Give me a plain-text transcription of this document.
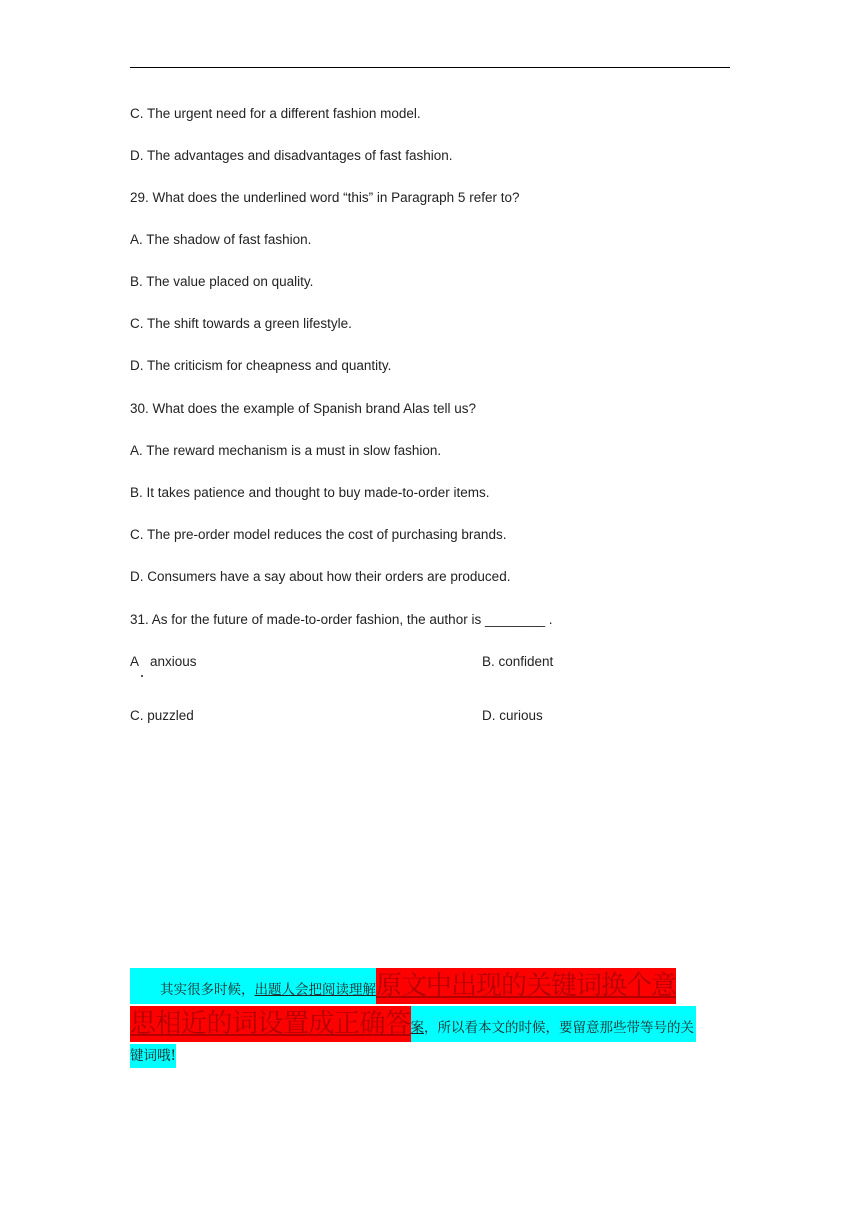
C. The urgent need for a different fashion model.
D. The advantages and disadvantages of fast fashion.
29. What does the underlined word “this” in Paragraph 5 refer to?
A. The shadow of fast fashion.
B. The value placed on quality.
C. The shift towards a green lifestyle.
D. The criticism for cheapness and quantity.
30. What does the example of Spanish brand Alas tell us?
A. The reward mechanism is a must in slow fashion.
B. It takes patience and thought to buy made-to-order items.
C. The pre-order model reduces the cost of purchasing brands.
D. Consumers have a say about how their orders are produced.
31. As for the future of made-to-order fashion, the author is ________ .
A anxious	B. confident
C. puzzled	D. curious
其实很多时候，出题人会把阅读理解原文中出现的关键词换个意
思相近的词设置成正确答案，所以看本文的时候，要留意那些带等号的关
键词哦!
